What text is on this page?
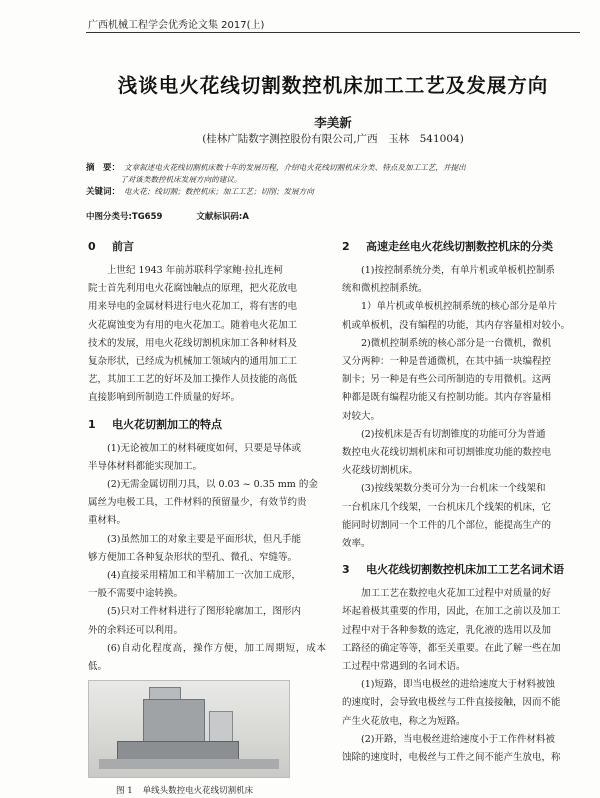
广西机械工程学会优秀论文集 2017(上)
浅谈电火花线切割数控机床加工工艺及发展方向
李美新
(桂林广陆数字测控股份有限公司,广西　玉林　541004)

摘　要： 文章叙述电火花线切割机床数十年的发展历程，介绍电火花线切割机床分类、特点及加工工艺，并提出

了对该类数控机床发展方向的建议。

关键词： 电火花；线切割；数控机床；加工工艺；切削；发展方向

中图分类号:TG659	文献标识码:A
0 前言

上世纪 1943 年前苏联科学家鲍·拉扎连柯

院士首先利用电火花腐蚀触点的原理，把火花放电

用来导电的金属材料进行电火花加工，将有害的电

火花腐蚀变为有用的电火花加工。随着电火花加工

技术的发展，用电火花线切割机床加工各种材料及

复杂形状，已经成为机械加工领域内的通用加工工

艺，其加工工艺的好坏及加工操作人员技能的高低

直接影响到所制造工件质量的好坏。

1 电火花切割加工的特点

(1)无论被加工的材料硬度如何，只要是导体或

半导体材料都能实现加工。

(2)无需金属切削刀具，以 0.03 ~ 0.35 mm 的金

属丝为电极工具，工件材料的预留量少，有效节约贵

重材料。

(3)虽然加工的对象主要是平面形状，但凡手能

够方便加工各种复杂形状的型孔、微孔、窄缝等。

(4)直接采用精加工和半精加工一次加工成形，

一般不需要中途转换。

(5)只对工件材料进行了图形轮廓加工，图形内

外的余料还可以利用。

(6)自动化程度高，操作方便，加工周期短，成本低。

图 1 单线头数控电火花线切割机床
2 高速走丝电火花线切割数控机床的分类

(1)按控制系统分类，有单片机或单板机控制系

统和微机控制系统。

1）单片机或单板机控制系统的核心部分是单片

机或单板机，没有编程的功能，其内存容量相对较小。

2)微机控制系统的核心部分是一台微机，微机

又分两种：一种是普通微机，在其中插一块编程控

制卡；另一种是有些公司所制造的专用微机。这两

种都是既有编程功能又有控制功能。其内存容量相

对较大。

(2)按机床是否有切割锥度的功能可分为普通

数控电火花线切割机床和可切割锥度功能的数控电

火花线切割机床。

(3)按线架数分类可分为一台机床一个线架和

一台机床几个线架，一台机床几个线架的机床，它

能同时切割同一个工件的几个部位，能提高生产的

效率。

3 电火花线切割数控机床加工工艺名词术语

加工工艺在数控电火花加工过程中对质量的好

坏起着极其重要的作用，因此，在加工之前以及加工

过程中对于各种参数的选定，乳化液的选用以及加

工路径的确定等等，都至关重要。在此了解一些在加

工过程中常遇到的名词术语。

(1)短路，即当电极丝的进给速度大于材料被蚀

的速度时，会导致电极丝与工件直接接触，因而不能

产生火花放电，称之为短路。

(2)开路，当电极丝进给速度小于工作件材料被

蚀除的速度时，电极丝与工件之间不能产生放电，称
